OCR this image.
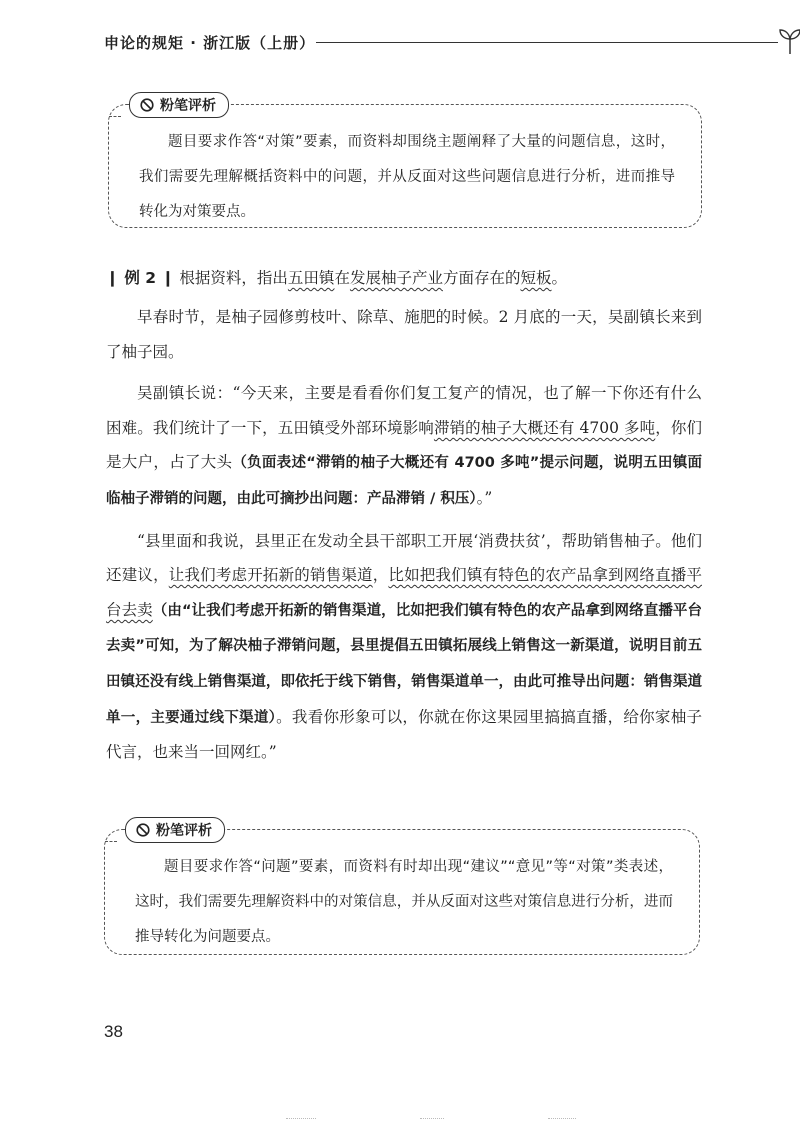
申论的规矩 · 浙江版（上册）
粉笔评析

题目要求作答“对策”要素，而资料却围绕主题阐释了大量的问题信息，这时，我们需要先理解概括资料中的问题，并从反面对这些问题信息进行分析，进而推导转化为对策要点。

❙ 例 2 ❙ 根据资料，指出五田镇在发展柚子产业方面存在的短板。

早春时节，是柚子园修剪枝叶、除草、施肥的时候。2 月底的一天，吴副镇长来到了柚子园。

吴副镇长说：“今天来，主要是看看你们复工复产的情况，也了解一下你还有什么困难。我们统计了一下，五田镇受外部环境影响滞销的柚子大概还有 4700 多吨，你们是大户，占了大头（负面表述“滞销的柚子大概还有 4700 多吨”提示问题，说明五田镇面临柚子滞销的问题，由此可摘抄出问题：产品滞销 / 积压）。”

“县里面和我说，县里正在发动全县干部职工开展‘消费扶贫’，帮助销售柚子。他们还建议，让我们考虑开拓新的销售渠道，比如把我们镇有特色的农产品拿到网络直播平台去卖（由“让我们考虑开拓新的销售渠道，比如把我们镇有特色的农产品拿到网络直播平台去卖”可知，为了解决柚子滞销问题，县里提倡五田镇拓展线上销售这一新渠道，说明目前五田镇还没有线上销售渠道，即依托于线下销售，销售渠道单一，由此可推导出问题：销售渠道单一，主要通过线下渠道）。我看你形象可以，你就在你这果园里搞搞直播，给你家柚子代言，也来当一回网红。”

粉笔评析

题目要求作答“问题”要素，而资料有时却出现“建议”“意见”等“对策”类表述，这时，我们需要先理解资料中的对策信息，并从反面对这些对策信息进行分析，进而推导转化为问题要点。

38
